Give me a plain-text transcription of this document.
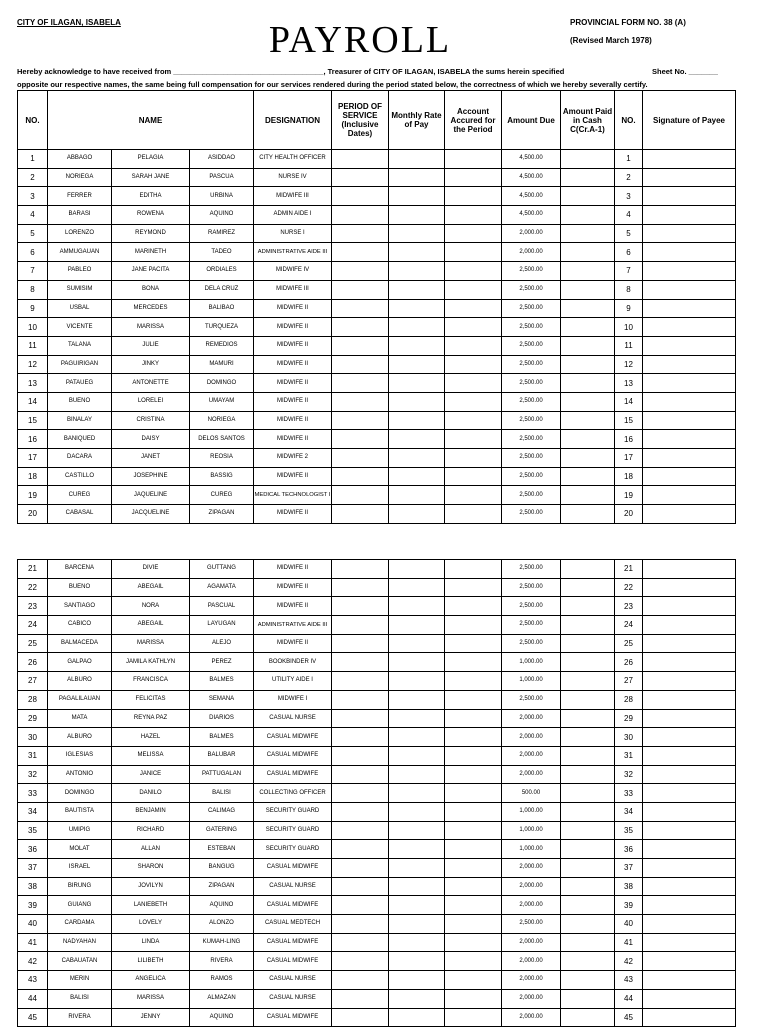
CITY OF ILAGAN, ISABELA	PAYROLL	PROVINCIAL FORM NO. 38 (A)
(Revised March 1978)
Hereby acknowledge to have received from ____________________________________, Treasurer of CITY OF ILAGAN, ISABELA the sums herein specified	Sheet No. _______
opposite our respective names, the same being full compensation for our services rendered during the period stated below, the correctness of which we hereby severally certify.
NO.	NAME			DESIGNATION	PERIOD OF SERVICE (Inclusive Dates)	Monthly Rate of Pay	Account Accured for the Period	Amount Due	Amount Paid in Cash C(Cr.A-1)	NO.	Signature of Payee
1	ABBAGO	PELAGIA	ASIDDAO	CITY HEALTH OFFICER				4,500.00		1	
2	NORIEGA	SARAH JANE	PASCUA	NURSE IV				4,500.00		2	
3	FERRER	EDITHA	URBINA	MIDWIFE III				4,500.00		3	
4	BARASI	ROWENA	AQUINO	ADMIN AIDE I				4,500.00		4	
5	LORENZO	REYMOND	RAMIREZ	NURSE I				2,000.00		5	
6	AMMUGAUAN	MARINETH	TADEO	ADMINISTRATIVE AIDE III				2,000.00		6	
7	PABLEO	JANE PACITA	ORDIALES	MIDWIFE IV				2,500.00		7	
8	SUMISIM	BONA	DELA CRUZ	MIDWIFE III				2,500.00		8	
9	USBAL	MERCEDES	BALIBAO	MIDWIFE II				2,500.00		9	
10	VICENTE	MARISSA	TURQUEZA	MIDWIFE II				2,500.00		10	
11	TALANA	JULIE	REMEDIOS	MIDWIFE II				2,500.00		11	
12	PAGUIRIGAN	JINKY	MAMURI	MIDWIFE II				2,500.00		12	
13	PATAUEG	ANTONETTE	DOMINGO	MIDWIFE II				2,500.00		13	
14	BUENO	LORELEI	UMAYAM	MIDWIFE II				2,500.00		14	
15	BINALAY	CRISTINA	NORIEGA	MIDWIFE II				2,500.00		15	
16	BANIQUED	DAISY	DELOS SANTOS	MIDWIFE II				2,500.00		16	
17	DACARA	JANET	REOSIA	MIDWIFE 2				2,500.00		17	
18	CASTILLO	JOSEPHINE	BASSIG	MIDWIFE II				2,500.00		18	
19	CUREG	JAQUELINE	CUREG	MEDICAL TECHNOLOGIST I				2,500.00		19	
20	CABASAL	JACQUELINE	ZIPAGAN	MIDWIFE II				2,500.00		20	
21	BARCENA	DIVIE	GUTTANG	MIDWIFE II				2,500.00		21	
22	BUENO	ABEGAIL	AGAMATA	MIDWIFE II				2,500.00		22	
23	SANTIAGO	NORA	PASCUAL	MIDWIFE II				2,500.00		23	
24	CABICO	ABEGAIL	LAYUGAN	ADMINISTRATIVE AIDE III				2,500.00		24	
25	BALMACEDA	MARISSA	ALEJO	MIDWIFE II				2,500.00		25	
26	GALPAO	JAMILA KATHLYN	PEREZ	BOOKBINDER IV				1,000.00		26	
27	ALBURO	FRANCISCA	BALMES	UTILITY AIDE I				1,000.00		27	
28	PAGALILAUAN	FELICITAS	SEMANA	MIDWIFE I				2,500.00		28	
29	MATA	REYNA PAZ	DIARIOS	CASUAL NURSE				2,000.00		29	
30	ALBURO	HAZEL	BALMES	CASUAL MIDWIFE				2,000.00		30	
31	IGLESIAS	MELISSA	BALUBAR	CASUAL MIDWIFE				2,000.00		31	
32	ANTONIO	JANICE	PATTUGALAN	CASUAL MIDWIFE				2,000.00		32	
33	DOMINGO	DANILO	BALISI	COLLECTING OFFICER				500.00		33	
34	BAUTISTA	BENJAMIN	CALIMAG	SECURITY GUARD				1,000.00		34	
35	UMIPIG	RICHARD	GATERING	SECURITY GUARD				1,000.00		35	
36	MOLAT	ALLAN	ESTEBAN	SECURITY GUARD				1,000.00		36	
37	ISRAEL	SHARON	BANGUG	CASUAL MIDWIFE				2,000.00		37	
38	BIRUNG	JOVILYN	ZIPAGAN	CASUAL NURSE				2,000.00		38	
39	GUIANG	LANIEBETH	AQUINO	CASUAL MIDWIFE				2,000.00		39	
40	CARDAMA	LOVELY	ALONZO	CASUAL MEDTECH				2,500.00		40	
41	NADYAHAN	LINDA	KUMAH-LING	CASUAL MIDWIFE				2,000.00		41	
42	CABAUATAN	LILIBETH	RIVERA	CASUAL MIDWIFE				2,000.00		42	
43	MERIN	ANGELICA	RAMOS	CASUAL NURSE				2,000.00		43	
44	BALISI	MARISSA	ALMAZAN	CASUAL NURSE				2,000.00		44	
45	RIVERA	JENNY	AQUINO	CASUAL MIDWIFE				2,000.00		45	
